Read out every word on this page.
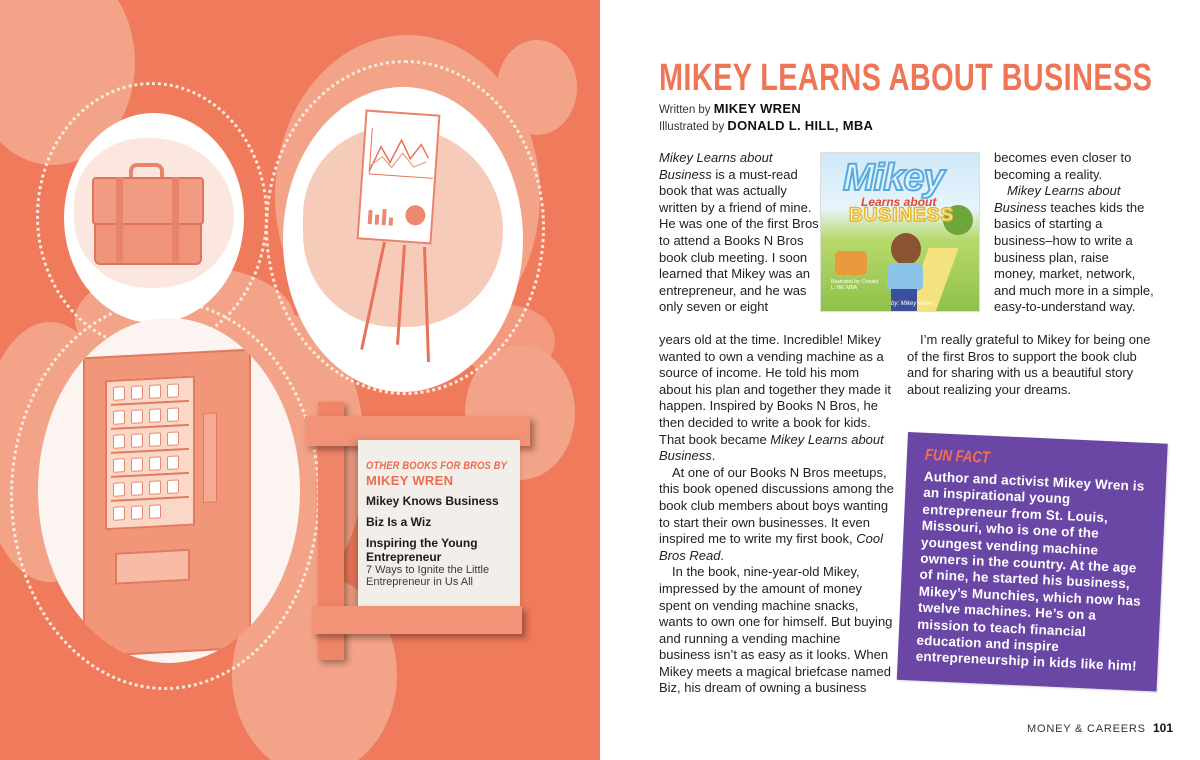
OTHER BOOKS FOR BROS BY
MIKEY WREN
Mikey Knows Business
Biz Is a Wiz
Inspiring the Young Entrepreneur
7 Ways to Ignite the Little Entrepreneur in Us All
MIKEY LEARNS ABOUT BUSINESS
Written by MIKEY WREN
Illustrated by DONALD L. HILL, MBA
Mikey Learns about Business is a must-read book that was actually written by a friend of mine. He was one of the first Bros to attend a Books N Bros book club meeting. I soon learned that Mikey was an entrepreneur, and he was only seven or eight
Mikey
Learns about
BUSINESS
Illustrated by: Donald L. Hill, MBA
by: Mikey Wren

years old at the time. Incredible! Mikey wanted to own a vending machine as a source of income. He told his mom about his plan and together they made it happen. Inspired by Books N Bros, he then decided to write a book for kids. That book became Mikey Learns about Business.

At one of our Books N Bros meetups, this book opened discussions among the book club members about boys wanting to start their own businesses. It even inspired me to write my first book, Cool Bros Read.

In the book, nine-year-old Mikey, impressed by the amount of money spent on vending machine snacks, wants to own one for himself. But buying and running a vending machine business isn’t as easy as it looks. When Mikey meets a magical briefcase named Biz, his dream of owning a business

becomes even closer to becoming a reality.

Mikey Learns about Business teaches kids the basics of starting a business–how to write a business plan, raise money, market, network, and much more in a simple, easy-to-understand way.

I’m really grateful to Mikey for being one of the first Bros to support the book club and for sharing with us a beautiful story about realizing your dreams.

FUN FACT
Author and activist Mikey Wren is an inspirational young entrepreneur from St. Louis, Missouri, who is one of the youngest vending machine owners in the country. At the age of nine, he started his business, Mikey’s Munchies, which now has twelve machines. He’s on a mission to teach financial education and inspire entrepreneurship in kids like him!
MONEY & CAREERS 101
